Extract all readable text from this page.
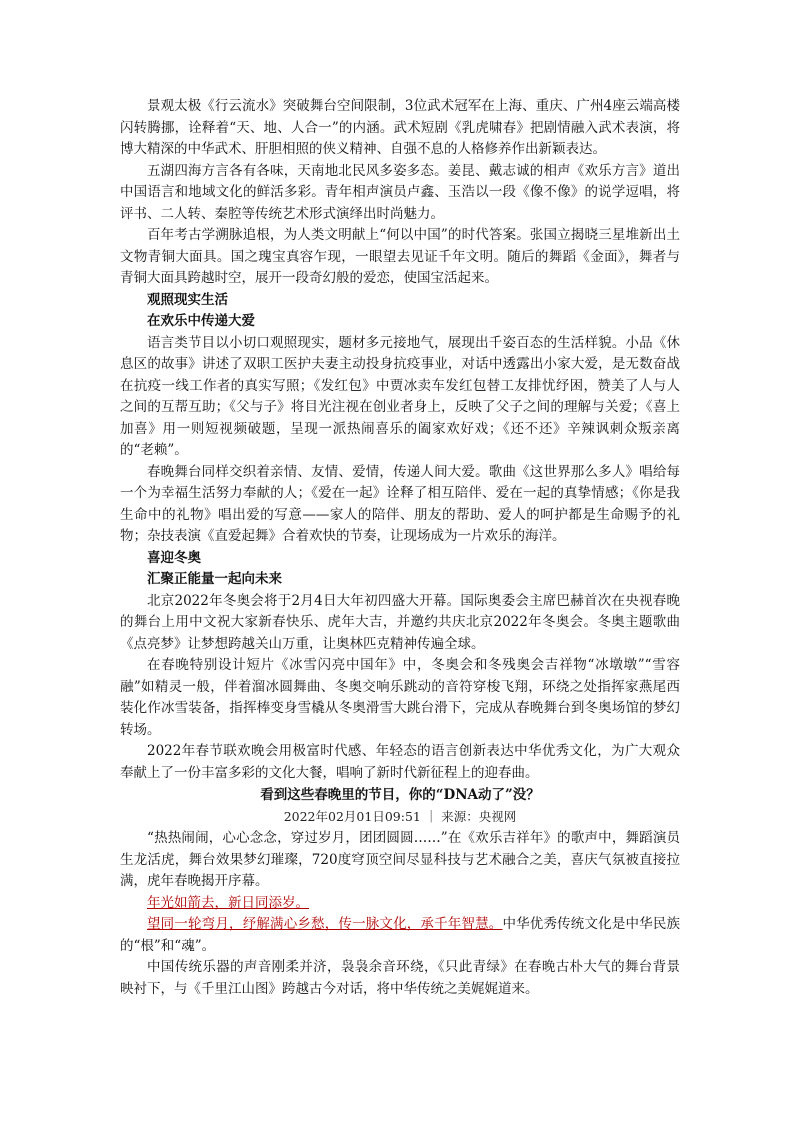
景观太极《行云流水》突破舞台空间限制，3位武术冠军在上海、重庆、广州4座云端高楼闪转腾挪，诠释着“天、地、人合一”的内涵。武术短剧《乳虎啸春》把剧情融入武术表演，将博大精深的中华武术、肝胆相照的侠义精神、自强不息的人格修养作出新颖表达。

五湖四海方言各有各味，天南地北民风多姿多态。姜昆、戴志诚的相声《欢乐方言》道出中国语言和地域文化的鲜活多彩。青年相声演员卢鑫、玉浩以一段《像不像》的说学逗唱，将评书、二人转、秦腔等传统艺术形式演绎出时尚魅力。

百年考古学溯脉追根，为人类文明献上“何以中国”的时代答案。张国立揭晓三星堆新出土文物青铜大面具。国之瑰宝真容乍现，一眼望去见证千年文明。随后的舞蹈《金面》，舞者与青铜大面具跨越时空，展开一段奇幻般的爱恋，使国宝活起来。

观照现实生活
在欢乐中传递大爱

语言类节目以小切口观照现实，题材多元接地气，展现出千姿百态的生活样貌。小品《休息区的故事》讲述了双职工医护夫妻主动投身抗疫事业，对话中透露出小家大爱，是无数奋战在抗疫一线工作者的真实写照；《发红包》中贾冰卖车发红包替工友排忧纾困，赞美了人与人之间的互帮互助；《父与子》将目光注视在创业者身上，反映了父子之间的理解与关爱；《喜上加喜》用一则短视频破题，呈现一派热闹喜乐的阖家欢好戏；《还不还》辛辣讽刺众叛亲离的“老赖”。

春晚舞台同样交织着亲情、友情、爱情，传递人间大爱。歌曲《这世界那么多人》唱给每一个为幸福生活努力奉献的人；《爱在一起》诠释了相互陪伴、爱在一起的真挚情感；《你是我生命中的礼物》唱出爱的写意——家人的陪伴、朋友的帮助、爱人的呵护都是生命赐予的礼物；杂技表演《直爱起舞》合着欢快的节奏，让现场成为一片欢乐的海洋。

喜迎冬奥
汇聚正能量一起向未来

北京2022年冬奥会将于2月4日大年初四盛大开幕。国际奥委会主席巴赫首次在央视春晚的舞台上用中文祝大家新春快乐、虎年大吉，并邀约共庆北京2022年冬奥会。冬奥主题歌曲《点亮梦》让梦想跨越关山万重，让奥林匹克精神传遍全球。

在春晚特别设计短片《冰雪闪亮中国年》中，冬奥会和冬残奥会吉祥物“冰墩墩”“雪容融”如精灵一般，伴着溜冰圆舞曲、冬奥交响乐跳动的音符穿梭飞翔，环绕之处指挥家燕尾西装化作冰雪装备，指挥棒变身雪橇从冬奥滑雪大跳台滑下，完成从春晚舞台到冬奥场馆的梦幻转场。

2022年春节联欢晚会用极富时代感、年轻态的语言创新表达中华优秀文化，为广大观众奉献上了一份丰富多彩的文化大餐，唱响了新时代新征程上的迎春曲。

看到这些春晚里的节目，你的“DNA动了”没？
2022年02月01日09:51 ｜ 来源：央视网

“热热闹闹，心心念念，穿过岁月，团团圆圆……”在《欢乐吉祥年》的歌声中，舞蹈演员生龙活虎，舞台效果梦幻璀璨，720度穹顶空间尽显科技与艺术融合之美，喜庆气氛被直接拉满，虎年春晚揭开序幕。

年光如箭去，新日同添岁。

望同一轮弯月，纾解满心乡愁，传一脉文化，承千年智慧。中华优秀传统文化是中华民族的“根”和“魂”。

中国传统乐器的声音刚柔并济，袅袅余音环绕，《只此青绿》在春晚古朴大气的舞台背景映衬下，与《千里江山图》跨越古今对话，将中华传统之美娓娓道来。
